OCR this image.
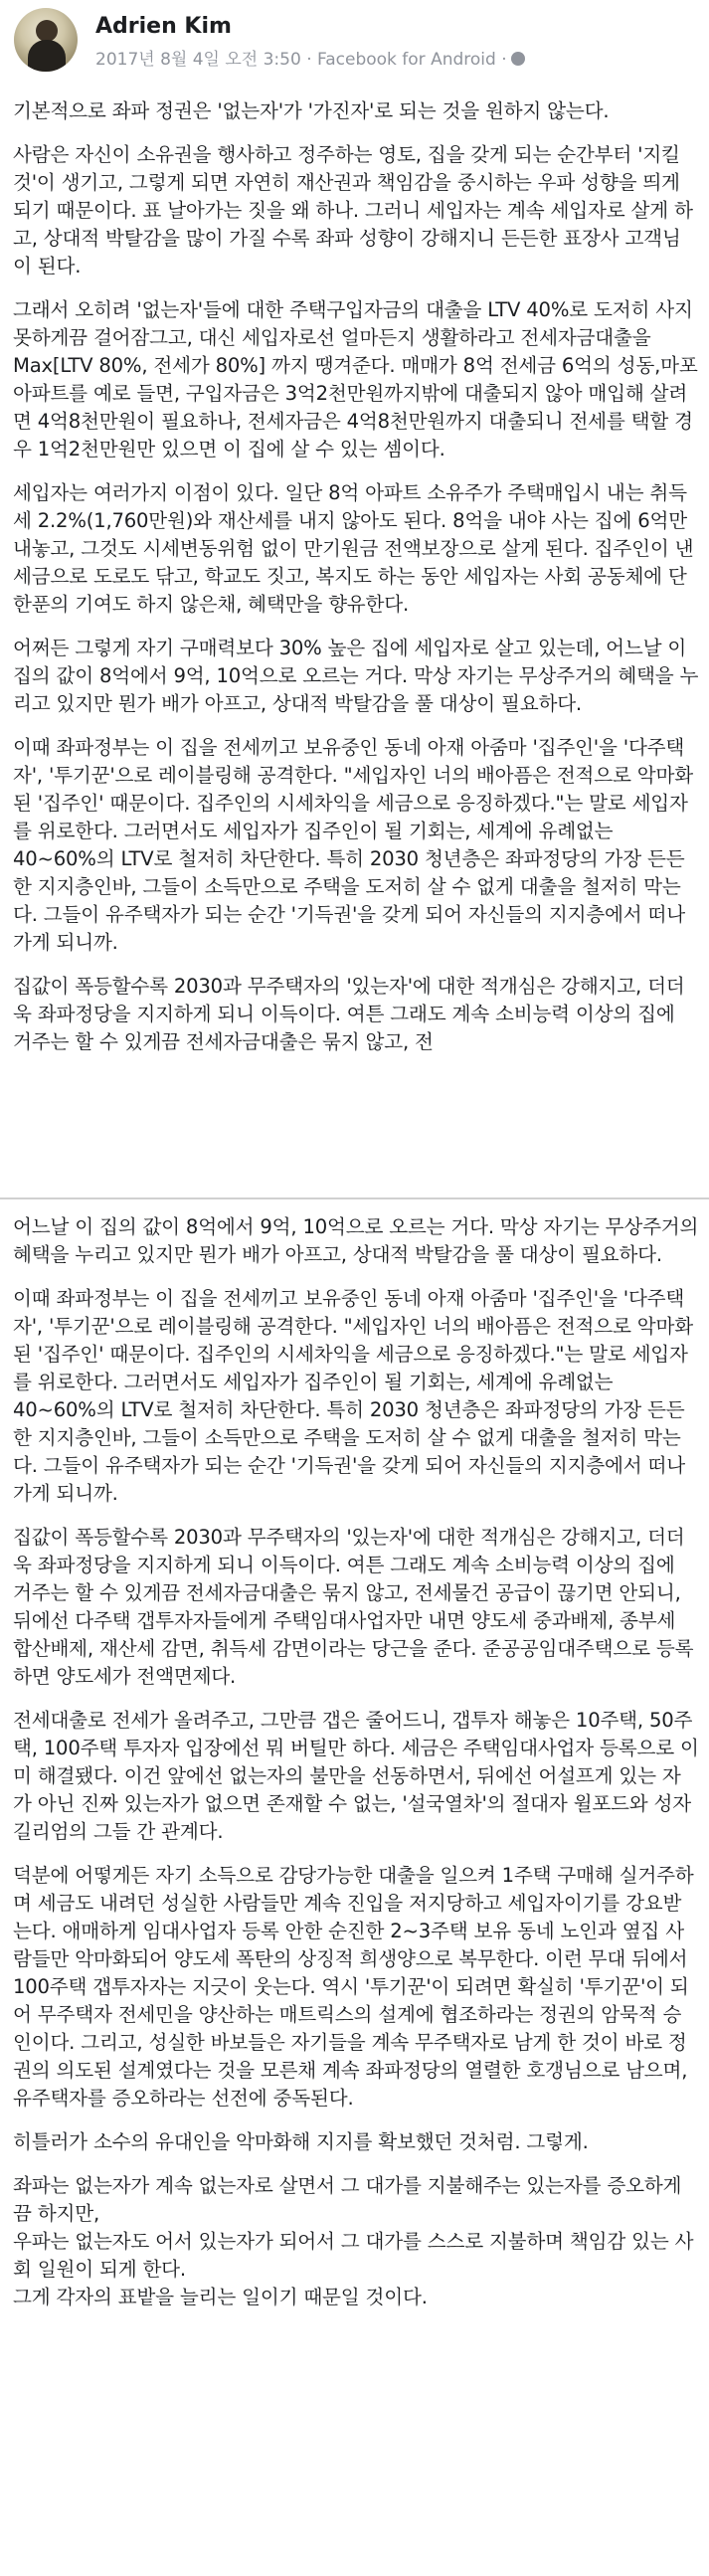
Adrien Kim
2017년 8월 4일 오전 3:50 · Facebook for Android ·

기본적으로 좌파 정권은 '없는자'가 '가진자'로 되는 것을 원하지 않는다.

사람은 자신이 소유권을 행사하고 정주하는 영토, 집을 갖게 되는 순간부터 '지킬것'이 생기고, 그렇게 되면 자연히 재산권과 책임감을 중시하는 우파 성향을 띄게 되기 때문이다. 표 날아가는 짓을 왜 하나. 그러니 세입자는 계속 세입자로 살게 하고, 상대적 박탈감을 많이 가질 수록 좌파 성향이 강해지니 든든한 표장사 고객님이 된다.

그래서 오히려 '없는자'들에 대한 주택구입자금의 대출을 LTV 40%로 도저히 사지 못하게끔 걸어잠그고, 대신 세입자로선 얼마든지 생활하라고 전세자금대출을 Max[LTV 80%, 전세가 80%] 까지 땡겨준다. 매매가 8억 전세금 6억의 성동,마포 아파트를 예로 들면, 구입자금은 3억2천만원까지밖에 대출되지 않아 매입해 살려면 4억8천만원이 필요하나, 전세자금은 4억8천만원까지 대출되니 전세를 택할 경우 1억2천만원만 있으면 이 집에 살 수 있는 셈이다.

세입자는 여러가지 이점이 있다. 일단 8억 아파트 소유주가 주택매입시 내는 취득세 2.2%(1,760만원)와 재산세를 내지 않아도 된다. 8억을 내야 사는 집에 6억만 내놓고, 그것도 시세변동위험 없이 만기원금 전액보장으로 살게 된다. 집주인이 낸 세금으로 도로도 닦고, 학교도 짓고, 복지도 하는 동안 세입자는 사회 공동체에 단 한푼의 기여도 하지 않은채, 혜택만을 향유한다.

어쩌든 그렇게 자기 구매력보다 30% 높은 집에 세입자로 살고 있는데, 어느날 이 집의 값이 8억에서 9억, 10억으로 오르는 거다. 막상 자기는 무상주거의 혜택을 누리고 있지만 뭔가 배가 아프고, 상대적 박탈감을 풀 대상이 필요하다.

이때 좌파정부는 이 집을 전세끼고 보유중인 동네 아재 아줌마 '집주인'을 '다주택자', '투기꾼'으로 레이블링해 공격한다. "세입자인 너의 배아픔은 전적으로 악마화된 '집주인' 때문이다. 집주인의 시세차익을 세금으로 응징하겠다."는 말로 세입자를 위로한다. 그러면서도 세입자가 집주인이 될 기회는, 세계에 유례없는 40~60%의 LTV로 철저히 차단한다. 특히 2030 청년층은 좌파정당의 가장 든든한 지지층인바, 그들이 소득만으로 주택을 도저히 살 수 없게 대출을 철저히 막는다. 그들이 유주택자가 되는 순간 '기득권'을 갖게 되어 자신들의 지지층에서 떠나가게 되니까.

집값이 폭등할수록 2030과 무주택자의 '있는자'에 대한 적개심은 강해지고, 더더욱 좌파정당을 지지하게 되니 이득이다. 여튼 그래도 계속 소비능력 이상의 집에 거주는 할 수 있게끔 전세자금대출은 묶지 않고, 전

어느날 이 집의 값이 8억에서 9억, 10억으로 오르는 거다. 막상 자기는 무상주거의 혜택을 누리고 있지만 뭔가 배가 아프고, 상대적 박탈감을 풀 대상이 필요하다.

이때 좌파정부는 이 집을 전세끼고 보유중인 동네 아재 아줌마 '집주인'을 '다주택자', '투기꾼'으로 레이블링해 공격한다. "세입자인 너의 배아픔은 전적으로 악마화된 '집주인' 때문이다. 집주인의 시세차익을 세금으로 응징하겠다."는 말로 세입자를 위로한다. 그러면서도 세입자가 집주인이 될 기회는, 세계에 유례없는 40~60%의 LTV로 철저히 차단한다. 특히 2030 청년층은 좌파정당의 가장 든든한 지지층인바, 그들이 소득만으로 주택을 도저히 살 수 없게 대출을 철저히 막는다. 그들이 유주택자가 되는 순간 '기득권'을 갖게 되어 자신들의 지지층에서 떠나가게 되니까.

집값이 폭등할수록 2030과 무주택자의 '있는자'에 대한 적개심은 강해지고, 더더욱 좌파정당을 지지하게 되니 이득이다. 여튼 그래도 계속 소비능력 이상의 집에 거주는 할 수 있게끔 전세자금대출은 묶지 않고, 전세물건 공급이 끊기면 안되니, 뒤에선 다주택 갭투자자들에게 주택임대사업자만 내면 양도세 중과배제, 종부세 합산배제, 재산세 감면, 취득세 감면이라는 당근을 준다. 준공공임대주택으로 등록하면 양도세가 전액면제다.

전세대출로 전세가 올려주고, 그만큼 갭은 줄어드니, 갭투자 해놓은 10주택, 50주택, 100주택 투자자 입장에선 뭐 버틸만 하다. 세금은 주택임대사업자 등록으로 이미 해결됐다. 이건 앞에선 없는자의 불만을 선동하면서, 뒤에선 어설프게 있는 자가 아닌 진짜 있는자가 없으면 존재할 수 없는, '설국열차'의 절대자 윌포드와 성자 길리엄의 그들 간 관계다.

덕분에 어떻게든 자기 소득으로 감당가능한 대출을 일으켜 1주택 구매해 실거주하며 세금도 내려던 성실한 사람들만 계속 진입을 저지당하고 세입자이기를 강요받는다. 애매하게 임대사업자 등록 안한 순진한 2~3주택 보유 동네 노인과 옆집 사람들만 악마화되어 양도세 폭탄의 상징적 희생양으로 복무한다. 이런 무대 뒤에서 100주택 갭투자자는 지긋이 웃는다. 역시 '투기꾼'이 되려면 확실히 '투기꾼'이 되어 무주택자 전세민을 양산하는 매트릭스의 설계에 협조하라는 정권의 암묵적 승인이다. 그리고, 성실한 바보들은 자기들을 계속 무주택자로 남게 한 것이 바로 정권의 의도된 설계였다는 것을 모른채 계속 좌파정당의 열렬한 호갱님으로 남으며, 유주택자를 증오하라는 선전에 중독된다.

히틀러가 소수의 유대인을 악마화해 지지를 확보했던 것처럼. 그렇게.

좌파는 없는자가 계속 없는자로 살면서 그 대가를 지불해주는 있는자를 증오하게끔 하지만,
우파는 없는자도 어서 있는자가 되어서 그 대가를 스스로 지불하며 책임감 있는 사회 일원이 되게 한다.
그게 각자의 표밭을 늘리는 일이기 때문일 것이다.
